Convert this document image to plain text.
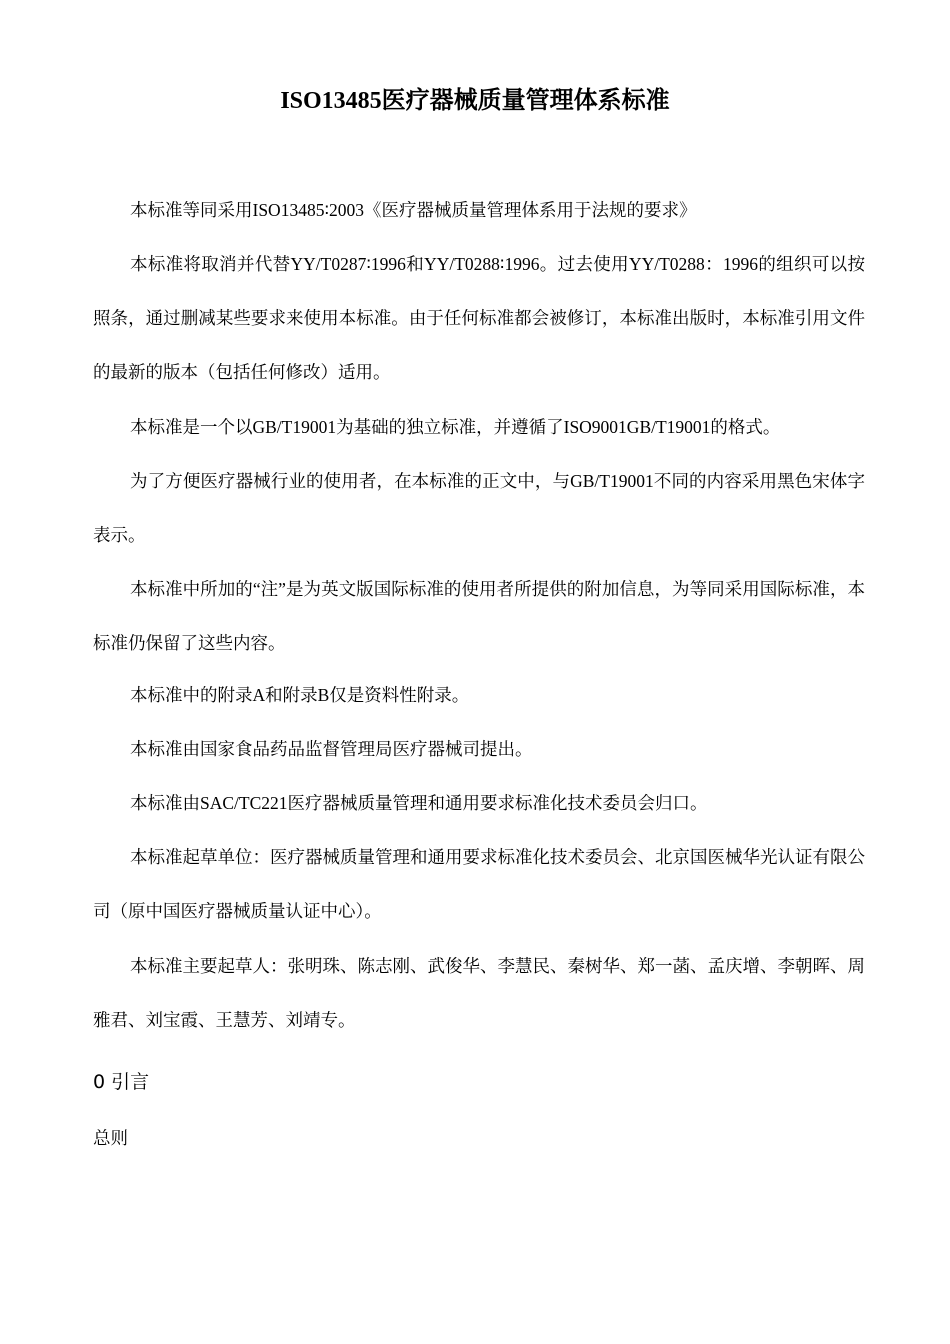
ISO13485医疗器械质量管理体系标准
本标准等同采用ISO13485∶2003《医疗器械质量管理体系用于法规的要求》
本标准将取消并代替YY/T0287∶1996和YY/T0288∶1996。过去使用YY/T0288：1996的组织可以按照条，通过删减某些要求来使用本标准。由于任何标准都会被修订，本标准出版时，本标准引用文件的最新的版本（包括任何修改）适用。
本标准是一个以GB/T19001为基础的独立标准，并遵循了ISO9001GB/T19001的格式。
为了方便医疗器械行业的使用者，在本标准的正文中，与GB/T19001不同的内容采用黑色宋体字表示。
本标准中所加的“注”是为英文版国际标准的使用者所提供的附加信息，为等同采用国际标准，本标准仍保留了这些内容。
本标准中的附录A和附录B仅是资料性附录。
本标准由国家食品药品监督管理局医疗器械司提出。
本标准由SAC/TC221医疗器械质量管理和通用要求标准化技术委员会归口。
本标准起草单位：医疗器械质量管理和通用要求标准化技术委员会、北京国医械华光认证有限公司（原中国医疗器械质量认证中心）。
本标准主要起草人：张明珠、陈志刚、武俊华、李慧民、秦树华、郑一菡、孟庆增、李朝晖、周雅君、刘宝霞、王慧芳、刘靖专。
0 引言
总则
